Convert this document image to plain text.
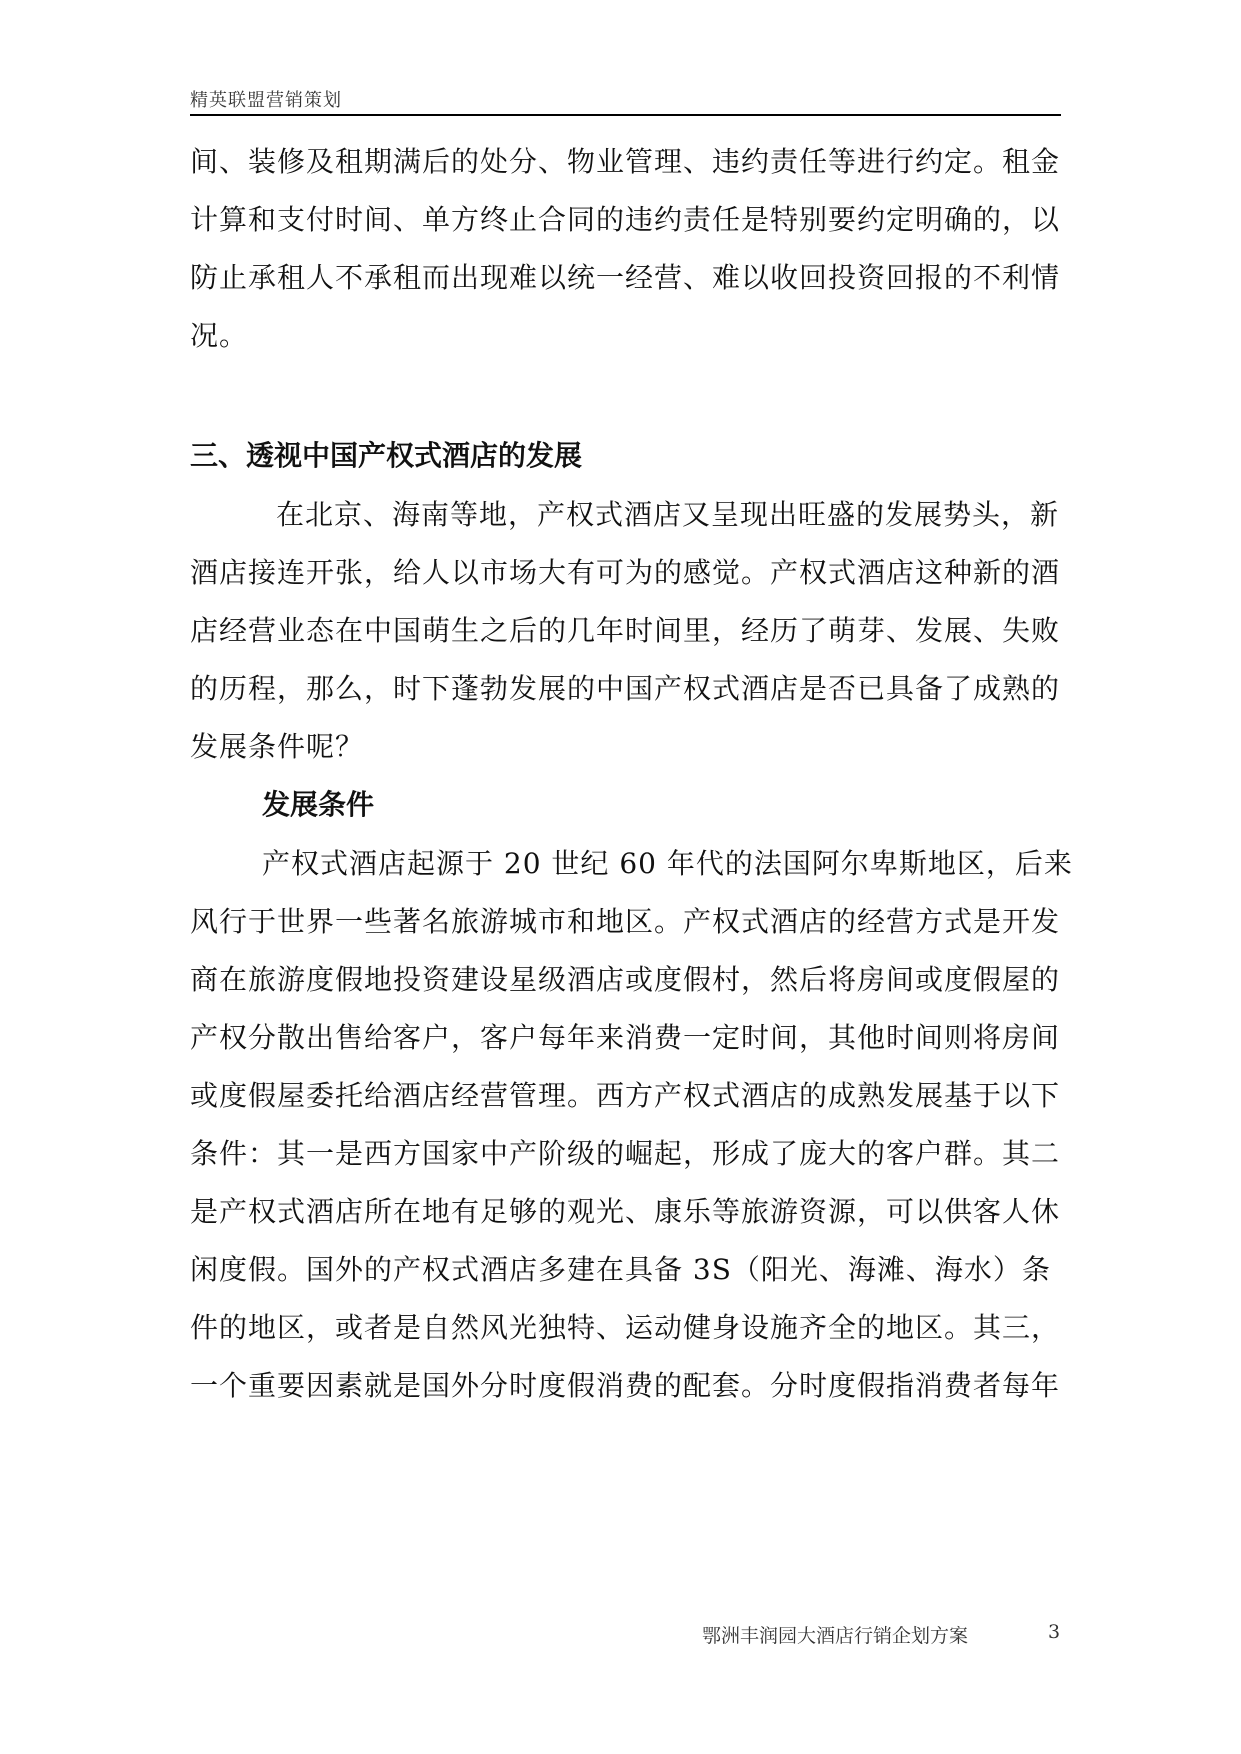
精英联盟营销策划
间、装修及租期满后的处分、物业管理、违约责任等进行约定。租金
计算和支付时间、单方终止合同的违约责任是特别要约定明确的，以
防止承租人不承租而出现难以统一经营、难以收回投资回报的不利情
况。
三、透视中国产权式酒店的发展
在北京、海南等地，产权式酒店又呈现出旺盛的发展势头，新
酒店接连开张，给人以市场大有可为的感觉。产权式酒店这种新的酒
店经营业态在中国萌生之后的几年时间里，经历了萌芽、发展、失败
的历程，那么，时下蓬勃发展的中国产权式酒店是否已具备了成熟的
发展条件呢？
发展条件
产权式酒店起源于 20 世纪 60 年代的法国阿尔卑斯地区，后来
风行于世界一些著名旅游城市和地区。产权式酒店的经营方式是开发
商在旅游度假地投资建设星级酒店或度假村，然后将房间或度假屋的
产权分散出售给客户，客户每年来消费一定时间，其他时间则将房间
或度假屋委托给酒店经营管理。西方产权式酒店的成熟发展基于以下
条件：其一是西方国家中产阶级的崛起，形成了庞大的客户群。其二
是产权式酒店所在地有足够的观光、康乐等旅游资源，可以供客人休
闲度假。国外的产权式酒店多建在具备 3S（阳光、海滩、海水）条
件的地区，或者是自然风光独特、运动健身设施齐全的地区。其三，
一个重要因素就是国外分时度假消费的配套。分时度假指消费者每年
鄂洲丰润园大酒店行销企划方案	3
